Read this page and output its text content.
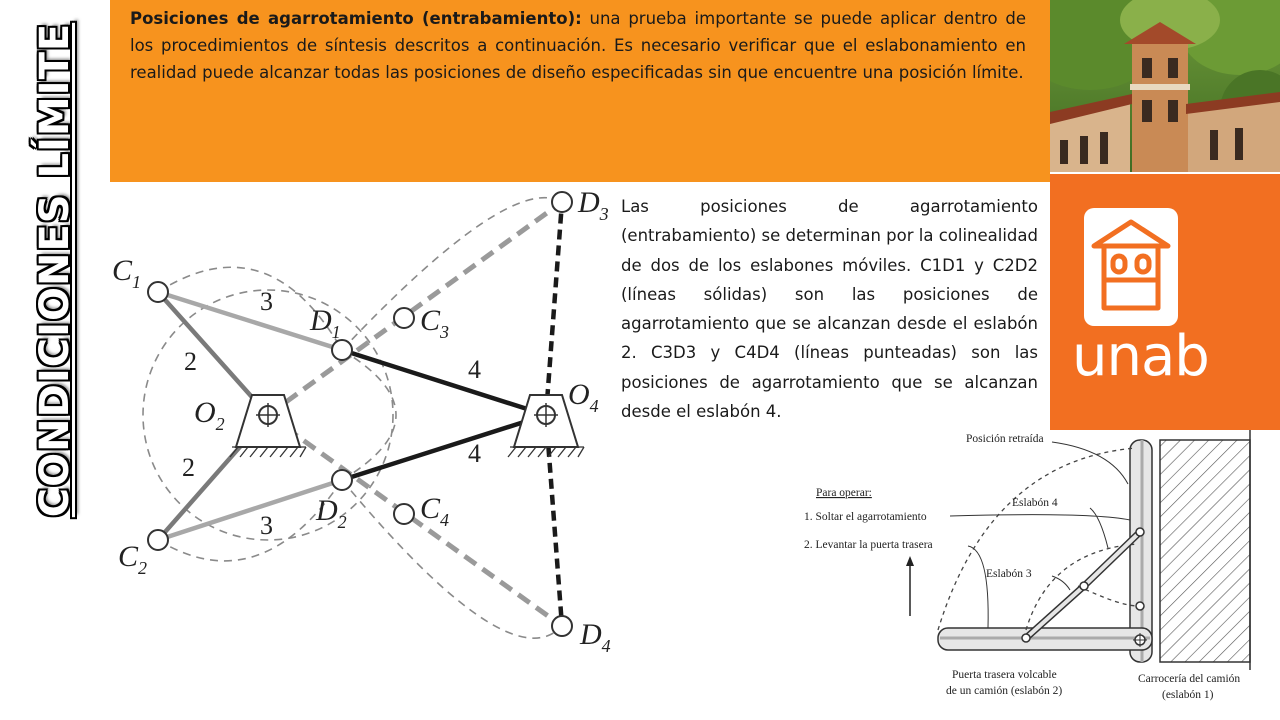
CONDICIONES LÍMITE

Posiciones de agarrotamiento (entrabamiento): una prueba importante se puede aplicar dentro de los procedimientos de síntesis descritos a continuación. Es necesario verificar que el eslabonamiento en realidad puede alcanzar todas las posiciones de diseño especificadas sin que encuentre una posición límite.

unab

Las posiciones de agarrotamiento (entrabamiento) se determinan por la colinealidad de dos de los eslabones móviles. C1D1 y C2D2 (líneas sólidas) son las posiciones de agarrotamiento que se alcanzan desde el eslabón 2. C3D3 y C4D4 (líneas punteadas) son las posiciones de agarrotamiento que se alcanzan desde el eslabón 4.

$C_1$
$C_2$
$C_3$
$C_4$
$D_1$
$D_2$
$D_3$
$D_4$
$O_2$
$O_4$
2
2
3
3
4
4	Posición retraída
Para operar:
1. Soltar el agarrotamiento
2. Levantar la puerta trasera
Eslabón 4
Eslabón 3
Puerta trasera volcable
de un camión (eslabón 2)
Carrocería del camión
(eslabón 1)
